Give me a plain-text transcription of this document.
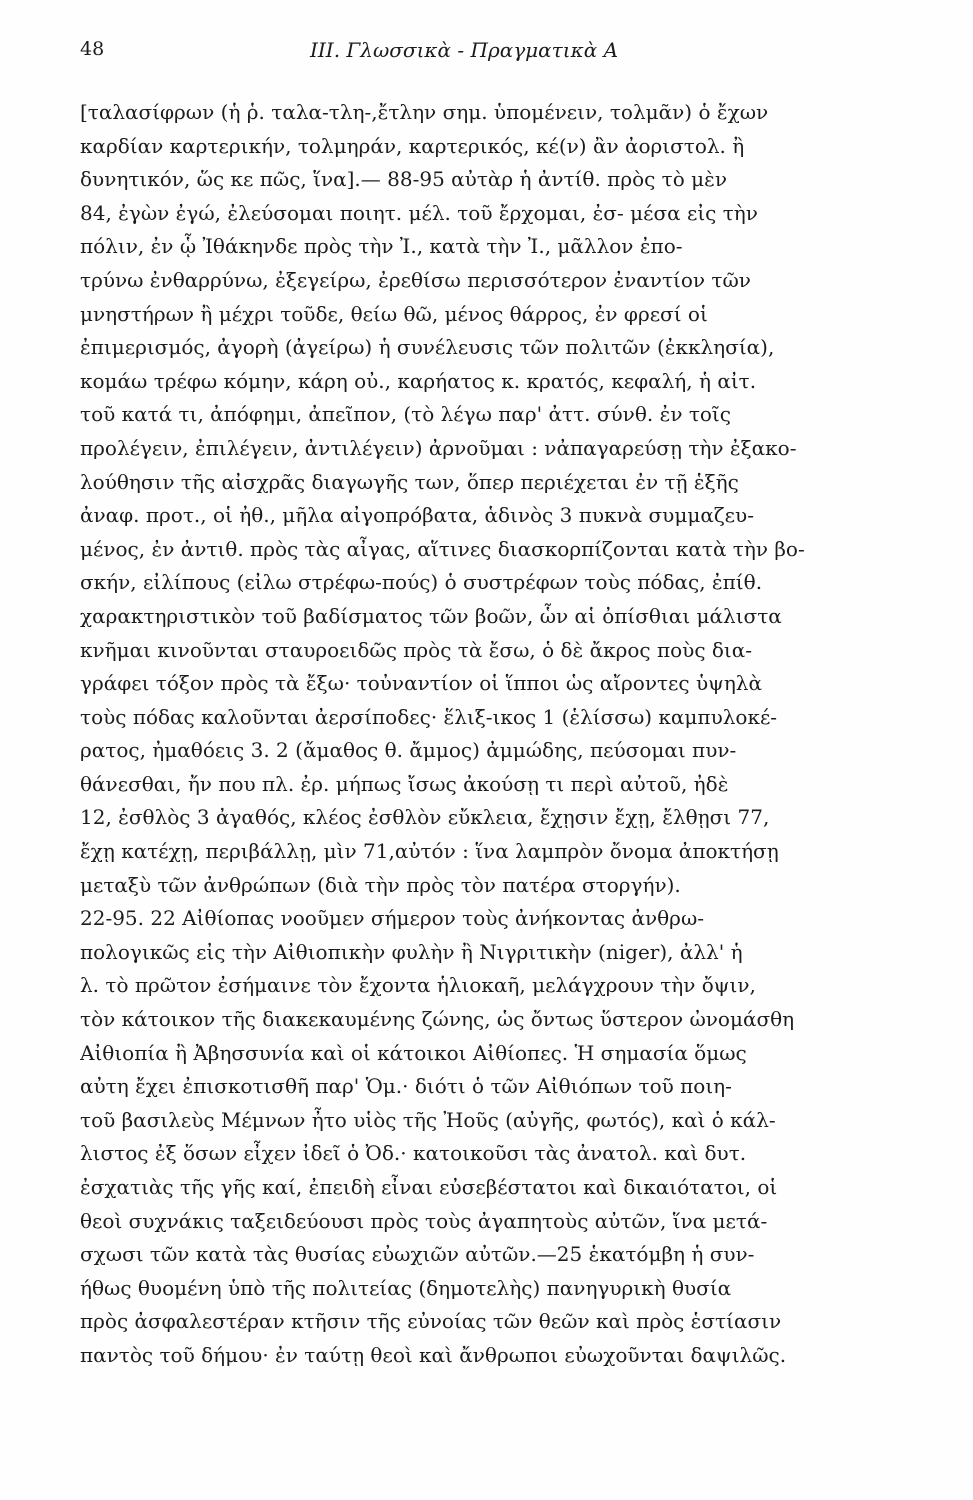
48	III. Γλωσσικὰ - Πραγματικὰ Α
[ταλασίφρων (ἡ ῥ. ταλα-τλη-,ἔτλην σημ. ὑπομένειν, τολμᾶν) ὁ ἔχων
καρδίαν καρτερικήν, τολμηράν, καρτερικός, κέ(ν) ἂν ἀοριστολ. ἢ
δυνητικόν, ὥς κε πῶς, ἵνα].— 88-95 αὐτὰρ ἡ ἀντίθ. πρὸς τὸ μὲν
84, ἐγὼν ἐγώ, ἐλεύσομαι ποιητ. μέλ. τοῦ ἔρχομαι, ἐσ- μέσα εἰς τὴν
πόλιν, ἐν ᾧ Ἰθάκηνδε πρὸς τὴν Ἰ., κατὰ τὴν Ἰ., μᾶλλον ἐπο-
τρύνω ἐνθαρρύνω, ἐξεγείρω, ἐρεθίσω περισσότερον ἐναντίον τῶν
μνηστήρων ἢ μέχρι τοῦδε, θείω θῶ, μένος θάρρος, ἐν φρεσί οἱ
ἐπιμερισμός, ἀγορὴ (ἀγείρω) ἡ συνέλευσις τῶν πολιτῶν (ἐκκλησία),
κομάω τρέφω κόμην, κάρη οὐ., καρήατος κ. κρατός, κεφαλή, ἡ αἰτ.
τοῦ κατά τι, ἀπόφημι, ἀπεῖπον, (τὸ λέγω παρ' ἀττ. σύνθ. ἐν τοῖς
προλέγειν, ἐπιλέγειν, ἀντιλέγειν) ἀρνοῦμαι : νἀπαγαρεύσῃ τὴν ἐξακο-
λούθησιν τῆς αἰσχρᾶς διαγωγῆς των, ὅπερ περιέχεται ἐν τῇ ἑξῆς
ἀναφ. προτ., οἱ ἠθ., μῆλα αἰγοπρόβατα, ἁδινὸς 3 πυκνὰ συμμαζευ-
μένος, ἐν ἀντιθ. πρὸς τὰς αἶγας, αἵτινες διασκορπίζονται κατὰ τὴν βο-
σκήν, εἰλίπους (εἰλω στρέφω-πούς) ὁ συστρέφων τοὺς πόδας, ἐπίθ.
χαρακτηριστικὸν τοῦ βαδίσματος τῶν βοῶν, ὧν αἱ ὀπίσθιαι μάλιστα
κνῆμαι κινοῦνται σταυροειδῶς πρὸς τὰ ἔσω, ὁ δὲ ἄκρος ποὺς δια-
γράφει τόξον πρὸς τὰ ἔξω· τοὐναντίον οἱ ἵπποι ὡς αἴροντες ὑψηλὰ
τοὺς πόδας καλοῦνται ἀερσίποδες· ἕλιξ-ικος 1 (ἑλίσσω) καμπυλοκέ-
ρατος, ἠμαθόεις 3. 2 (ἄμαθος θ. ἄμμος) ἀμμώδης, πεύσομαι πυν-
θάνεσθαι, ἤν που πλ. ἐρ. μήπως ἴσως ἀκούσῃ τι περὶ αὐτοῦ, ἠδὲ
12, ἐσθλὸς 3 ἀγαθός, κλέος ἐσθλὸν εὔκλεια, ἔχῃσιν ἔχῃ, ἔλθῃσι 77,
ἔχῃ κατέχῃ, περιβάλλῃ, μὶν 71,αὐτόν : ἵνα λαμπρὸν ὄνομα ἀποκτήσῃ
μεταξὺ τῶν ἀνθρώπων (διὰ τὴν πρὸς τὸν πατέρα στοργήν).
22-95. 22 Αἰθίοπας νοοῦμεν σήμερον τοὺς ἀνήκοντας ἀνθρω-
πολογικῶς εἰς τὴν Αἰθιοπικὴν φυλὴν ἢ Νιγριτικὴν (niger), ἀλλ' ἡ
λ. τὸ πρῶτον ἐσήμαινε τὸν ἔχοντα ἡλιοκαῆ, μελάγχρουν τὴν ὄψιν,
τὸν κάτοικον τῆς διακεκαυμένης ζώνης, ὡς ὄντως ὕστερον ὠνομάσθη
Αἰθιοπία ἢ Ἀβησσυνία καὶ οἱ κάτοικοι Αἰθίοπες. Ἡ σημασία ὅμως
αὐτη ἔχει ἐπισκοτισθῆ παρ' Ὁμ.· διότι ὁ τῶν Αἰθιόπων τοῦ ποιη-
τοῦ βασιλεὺς Μέμνων ἦτο υἱὸς τῆς Ἠοῦς (αὐγῆς, φωτός), καὶ ὁ κάλ-
λιστος ἐξ ὅσων εἶχεν ἰδεῖ ὁ Ὀδ.· κατοικοῦσι τὰς ἀνατολ. καὶ δυτ.
ἐσχατιὰς τῆς γῆς καί, ἐπειδὴ εἶναι εὐσεβέστατοι καὶ δικαιότατοι, οἱ
θεοὶ συχνάκις ταξειδεύουσι πρὸς τοὺς ἀγαπητοὺς αὐτῶν, ἵνα μετά-
σχωσι τῶν κατὰ τὰς θυσίας εὐωχιῶν αὐτῶν.—25 ἑκατόμβη ἡ συν-
ήθως θυομένη ὑπὸ τῆς πολιτείας (δημοτελὴς) πανηγυρικὴ θυσία
πρὸς ἀσφαλεστέραν κτῆσιν τῆς εὐνοίας τῶν θεῶν καὶ πρὸς ἑστίασιν
παντὸς τοῦ δήμου· ἐν ταύτῃ θεοὶ καὶ ἄνθρωποι εὐωχοῦνται δαψιλῶς.
